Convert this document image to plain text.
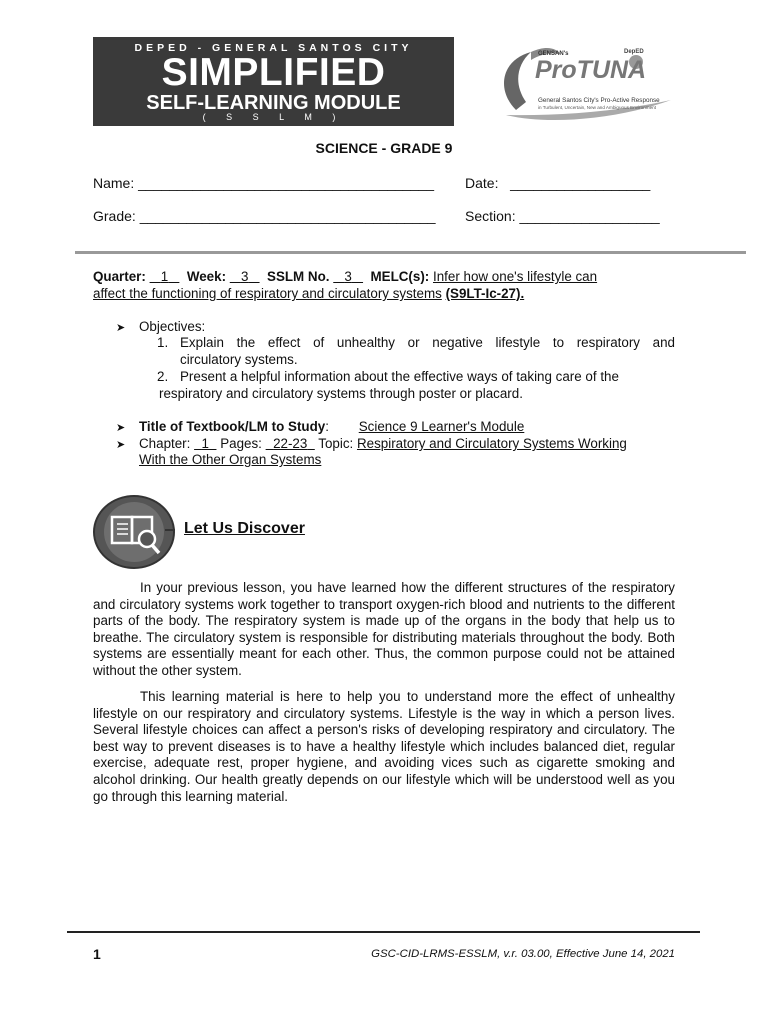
DEPED - GENERAL SANTOS CITY
SIMPLIFIED
SELF-LEARNING MODULE
( S S L M )
GENSAN's	DepED
ProTUNA
General Santos City's Pro-Active Response
in Turbulent, Uncertain, New and Ambiguous Environment
SCIENCE - GRADE 9
Name: ______________________________________ Date: __________________
Grade: ______________________________________ Section: __________________
Quarter: 1 Week: 3 SSLM No. 3 MELC(s): Infer how one's lifestyle can
affect the functioning of respiratory and circulatory systems (S9LT-Ic-27).
➤ Objectives:
1. Explain the effect of unhealthy or negative lifestyle to respiratory and
circulatory systems.
2. Present a helpful information about the effective ways of taking care of the
respiratory and circulatory systems through poster or placard.
➤ Title of Textbook/LM to Study: Science 9 Learner's Module
➤ Chapter: 1 Pages: 22-23 Topic: Respiratory and Circulatory Systems Working
With the Other Organ Systems
Let Us Discover
In your previous lesson, you have learned how the different structures of the respiratory and circulatory systems work together to transport oxygen-rich blood and nutrients to the different parts of the body. The respiratory system is made up of the organs in the body that help us to breathe. The circulatory system is responsible for distributing materials throughout the body. Both systems are essentially meant for each other. Thus, the common purpose could not be attained without the other system.
This learning material is here to help you to understand more the effect of unhealthy lifestyle on our respiratory and circulatory systems. Lifestyle is the way in which a person lives. Several lifestyle choices can affect a person's risks of developing respiratory and circulatory. The best way to prevent diseases is to have a healthy lifestyle which includes balanced diet, regular exercise, adequate rest, proper hygiene, and avoiding vices such as cigarette smoking and alcohol drinking. Our health greatly depends on our lifestyle which will be understood well as you go through this learning material.
1	GSC-CID-LRMS-ESSLM, v.r. 03.00, Effective June 14, 2021
